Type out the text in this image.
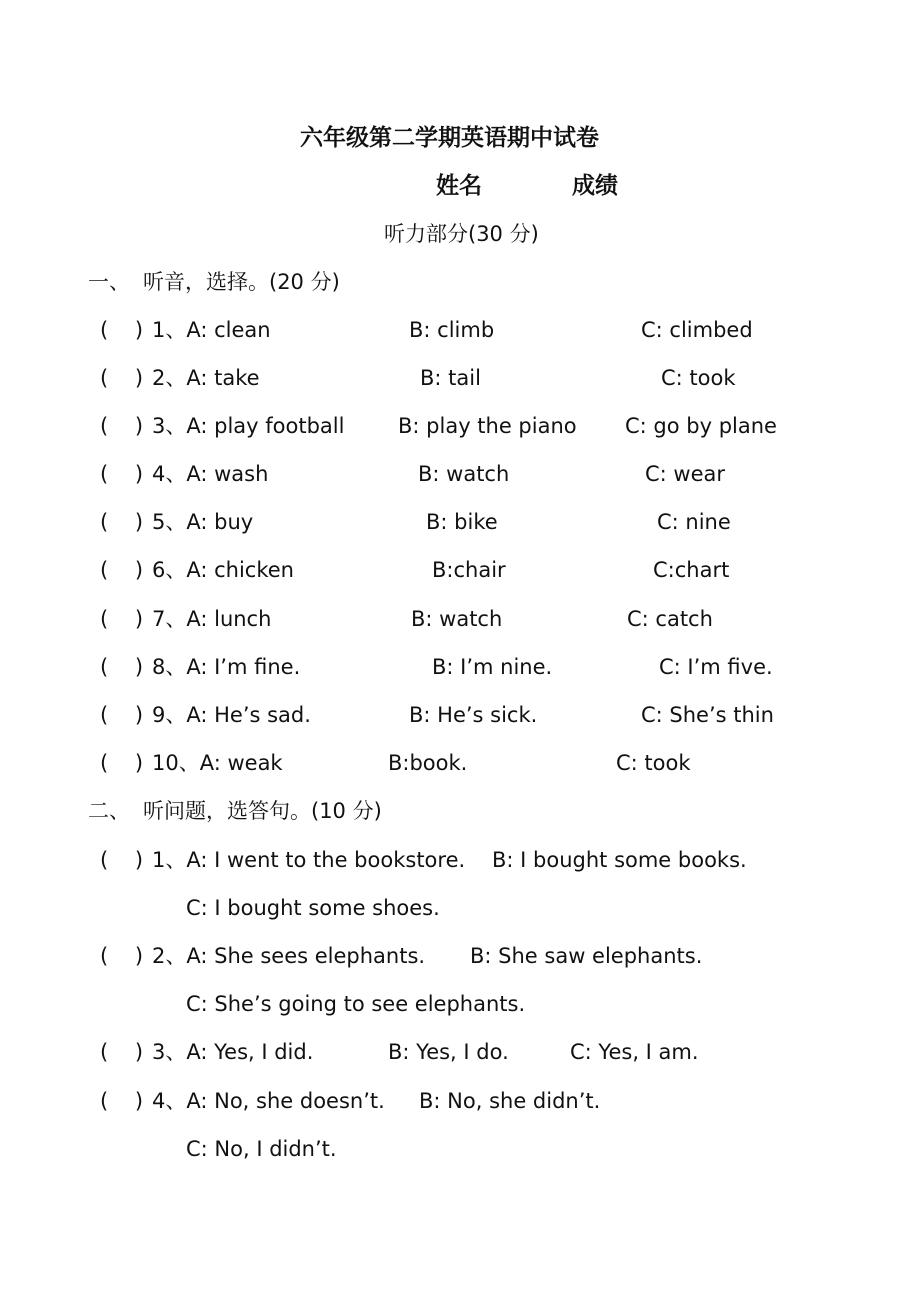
六年级第二学期英语期中试卷
姓名	成绩
听力部分(30 分)
一、 听音，选择。(20 分)
二、 听问题，选答句。(10 分)
(    ) 1、A: clean	B: climb	C: climbed
(    ) 2、A: take	B: tail	C: took
(    ) 3、A: play football	B: play the piano C: go by plane
(    ) 4、A: wash	B: watch	C: wear
(    ) 5、A: buy	B: bike	C: nine
(    ) 6、A: chicken	B:chair	C:chart
(    ) 7、A: lunch	B: watch	C: catch
(    ) 8、A: I’m fine.	B: I’m nine.	C: I’m five.
(    ) 9、A: He’s sad.	B: He’s sick.	C: She’s thin
(    ) 10、A: weak	B:book.	C: took
(    ) 1、A: I went to the bookstore. B: I bought some books.
C: I bought some shoes.
(    ) 2、A: She sees elephants. B: She saw elephants.
C: She’s going to see elephants.
(    ) 3、A: Yes, I did.	B: Yes, I do.	C: Yes, I am.
(    ) 4、A: No, she doesn’t. B: No, she didn’t.
C: No, I didn’t.
